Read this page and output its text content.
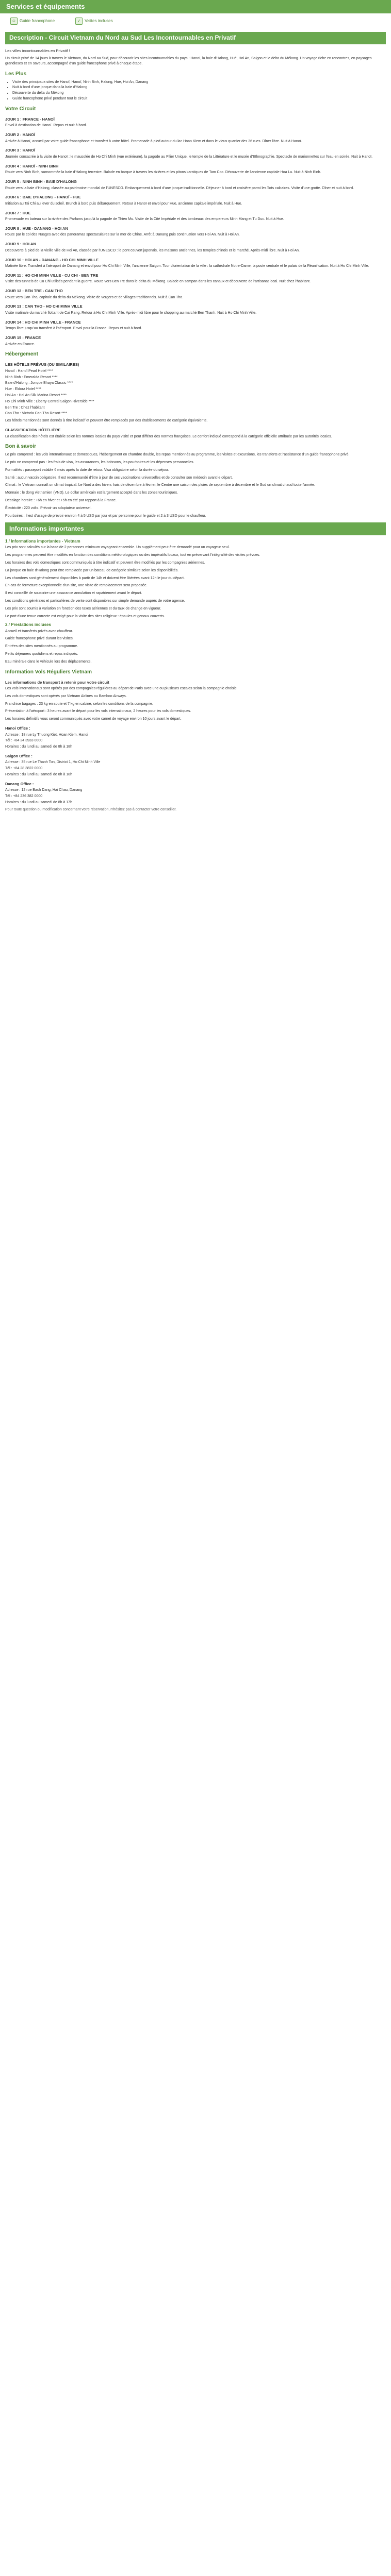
Services et équipements
☺ Guide francophone	✓ Visites incluses
Description - Circuit Vietnam du Nord au Sud Les Incontournables en Privatif

Les villes incontournables en Privatif !

Un circuit privé de 14 jours à travers le Vietnam, du Nord au Sud, pour découvrir les sites incontournables du pays : Hanoï, la baie d'Halong, Hué, Hoi An, Saigon et le delta du Mékong. Un voyage riche en rencontres, en paysages grandioses et en saveurs, accompagné d'un guide francophone privé à chaque étape.

Les Plus
• Visite des principaux sites de Hanoï, Hanoï, Ninh Binh, Halong, Hue, Hoi An, Danang
• Nuit à bord d'une jonque dans la baie d'Halong
• Découverte du delta du Mékong
• Guide francophone privé pendant tout le circuit
Votre Circuit
JOUR 1 : FRANCE - HANOÏ

Envol à destination de Hanoï. Repas et nuit à bord.

JOUR 2 : HANOÏ

Arrivée à Hanoï, accueil par votre guide francophone et transfert à votre hôtel. Promenade à pied autour du lac Hoan Kiem et dans le vieux quartier des 36 rues. Dîner libre. Nuit à Hanoï.

JOUR 3 : HANOÏ

Journée consacrée à la visite de Hanoï : le mausolée de Ho Chi Minh (vue extérieure), la pagode au Pilier Unique, le temple de la Littérature et le musée d'Ethnographie. Spectacle de marionnettes sur l'eau en soirée. Nuit à Hanoï.

JOUR 4 : HANOÏ - NINH BINH

Route vers Ninh Binh, surnommée la baie d'Halong terrestre. Balade en barque à travers les rizières et les pitons karstiques de Tam Coc. Découverte de l'ancienne capitale Hoa Lu. Nuit à Ninh Binh.

JOUR 5 : NINH BINH - BAIE D'HALONG

Route vers la baie d'Halong, classée au patrimoine mondial de l'UNESCO. Embarquement à bord d'une jonque traditionnelle. Déjeuner à bord et croisière parmi les îlots calcaires. Visite d'une grotte. Dîner et nuit à bord.

JOUR 6 : BAIE D'HALONG - HANOÏ - HUE

Initiation au Tai Chi au lever du soleil. Brunch à bord puis débarquement. Retour à Hanoï et envol pour Hue, ancienne capitale impériale. Nuit à Hue.

JOUR 7 : HUE

Promenade en bateau sur la rivière des Parfums jusqu'à la pagode de Thien Mu. Visite de la Cité Impériale et des tombeaux des empereurs Minh Mang et Tu Duc. Nuit à Hue.

JOUR 8 : HUE - DANANG - HOI AN

Route par le col des Nuages avec des panoramas spectaculaires sur la mer de Chine. Arrêt à Danang puis continuation vers Hoi An. Nuit à Hoi An.

JOUR 9 : HOI AN

Découverte à pied de la vieille ville de Hoi An, classée par l'UNESCO : le pont couvert japonais, les maisons anciennes, les temples chinois et le marché. Après-midi libre. Nuit à Hoi An.

JOUR 10 : HOI AN - DANANG - HO CHI MINH VILLE

Matinée libre. Transfert à l'aéroport de Danang et envol pour Ho Chi Minh Ville, l'ancienne Saigon. Tour d'orientation de la ville : la cathédrale Notre-Dame, la poste centrale et le palais de la Réunification. Nuit à Ho Chi Minh Ville.

JOUR 11 : HO CHI MINH VILLE - CU CHI - BEN TRE

Visite des tunnels de Cu Chi utilisés pendant la guerre. Route vers Ben Tre dans le delta du Mékong. Balade en sampan dans les canaux et découverte de l'artisanat local. Nuit chez l'habitant.

JOUR 12 : BEN TRE - CAN THO

Route vers Can Tho, capitale du delta du Mékong. Visite de vergers et de villages traditionnels. Nuit à Can Tho.

JOUR 13 : CAN THO - HO CHI MINH VILLE

Visite matinale du marché flottant de Cai Rang. Retour à Ho Chi Minh Ville. Après-midi libre pour le shopping au marché Ben Thanh. Nuit à Ho Chi Minh Ville.

JOUR 14 : HO CHI MINH VILLE - FRANCE

Temps libre jusqu'au transfert à l'aéroport. Envol pour la France. Repas et nuit à bord.

JOUR 15 : FRANCE

Arrivée en France.

Hébergement
LES HÔTELS PRÉVUS (OU SIMILAIRES)
Hanoï : Hanoï Pearl Hotel ****
Ninh Binh : Emeralda Resort ****
Baie d'Halong : Jonque Bhaya Classic ****
Hue : Eldora Hotel ****
Hoi An : Hoi An Silk Marina Resort ****
Ho Chi Minh Ville : Liberty Central Saigon Riverside ****
Ben Tre : Chez l'habitant
Can Tho : Victoria Can Tho Resort ****

Les hôtels mentionnés sont donnés à titre indicatif et peuvent être remplacés par des établissements de catégorie équivalente.

CLASSIFICATION HÔTELIÈRE

La classification des hôtels est établie selon les normes locales du pays visité et peut différer des normes françaises. Le confort indiqué correspond à la catégorie officielle attribuée par les autorités locales.

Bon à savoir

Le prix comprend : les vols internationaux et domestiques, l'hébergement en chambre double, les repas mentionnés au programme, les visites et excursions, les transferts et l'assistance d'un guide francophone privé.

Le prix ne comprend pas : les frais de visa, les assurances, les boissons, les pourboires et les dépenses personnelles.

Formalités : passeport valable 6 mois après la date de retour. Visa obligatoire selon la durée du séjour.

Santé : aucun vaccin obligatoire. Il est recommandé d'être à jour de ses vaccinations universelles et de consulter son médecin avant le départ.

Climat : le Vietnam connaît un climat tropical. Le Nord a des hivers frais de décembre à février, le Centre une saison des pluies de septembre à décembre et le Sud un climat chaud toute l'année.

Monnaie : le dong vietnamien (VND). Le dollar américain est largement accepté dans les zones touristiques.

Décalage horaire : +6h en hiver et +5h en été par rapport à la France.

Électricité : 220 volts. Prévoir un adaptateur universel.

Pourboires : il est d'usage de prévoir environ 4 à 5 USD par jour et par personne pour le guide et 2 à 3 USD pour le chauffeur.

Informations importantes
1 / Informations importantes - Vietnam

Les prix sont calculés sur la base de 2 personnes minimum voyageant ensemble. Un supplément peut être demandé pour un voyageur seul.

Les programmes peuvent être modifiés en fonction des conditions météorologiques ou des impératifs locaux, tout en préservant l'intégralité des visites prévues.

Les horaires des vols domestiques sont communiqués à titre indicatif et peuvent être modifiés par les compagnies aériennes.

La jonque en baie d'Halong peut être remplacée par un bateau de catégorie similaire selon les disponibilités.

Les chambres sont généralement disponibles à partir de 14h et doivent être libérées avant 12h le jour du départ.

En cas de fermeture exceptionnelle d'un site, une visite de remplacement sera proposée.

Il est conseillé de souscrire une assurance annulation et rapatriement avant le départ.

Les conditions générales et particulières de vente sont disponibles sur simple demande auprès de votre agence.

Les prix sont soumis à variation en fonction des taxes aériennes et du taux de change en vigueur.

Le port d'une tenue correcte est exigé pour la visite des sites religieux : épaules et genoux couverts.

2 / Prestations incluses

Accueil et transferts privés avec chauffeur.

Guide francophone privé durant les visites.

Entrées des sites mentionnés au programme.

Petits déjeuners quotidiens et repas indiqués.

Eau minérale dans le véhicule lors des déplacements.

Information Vols Réguliers Vietnam
Les informations de transport à retenir pour votre circuit

Les vols internationaux sont opérés par des compagnies régulières au départ de Paris avec une ou plusieurs escales selon la compagnie choisie.

Les vols domestiques sont opérés par Vietnam Airlines ou Bamboo Airways.

Franchise bagages : 23 kg en soute et 7 kg en cabine, selon les conditions de la compagnie.

Présentation à l'aéroport : 3 heures avant le départ pour les vols internationaux, 2 heures pour les vols domestiques.

Les horaires définitifs vous seront communiqués avec votre carnet de voyage environ 10 jours avant le départ.

Hanoi Office :
Adresse : 18 rue Ly Thuong Kiet, Hoan Kiem, Hanoi
Tél : +84 24 3933 0000
Horaires : du lundi au samedi de 8h à 18h
Saigon Office :
Adresse : 35 rue Le Thanh Ton, District 1, Ho Chi Minh Ville
Tél : +84 28 3822 0000
Horaires : du lundi au samedi de 8h à 18h
Danang Office :
Adresse : 12 rue Bach Dang, Hai Chau, Danang
Tél : +84 236 382 0000
Horaires : du lundi au samedi de 8h à 17h

Pour toute question ou modification concernant votre réservation, n'hésitez pas à contacter votre conseiller.
